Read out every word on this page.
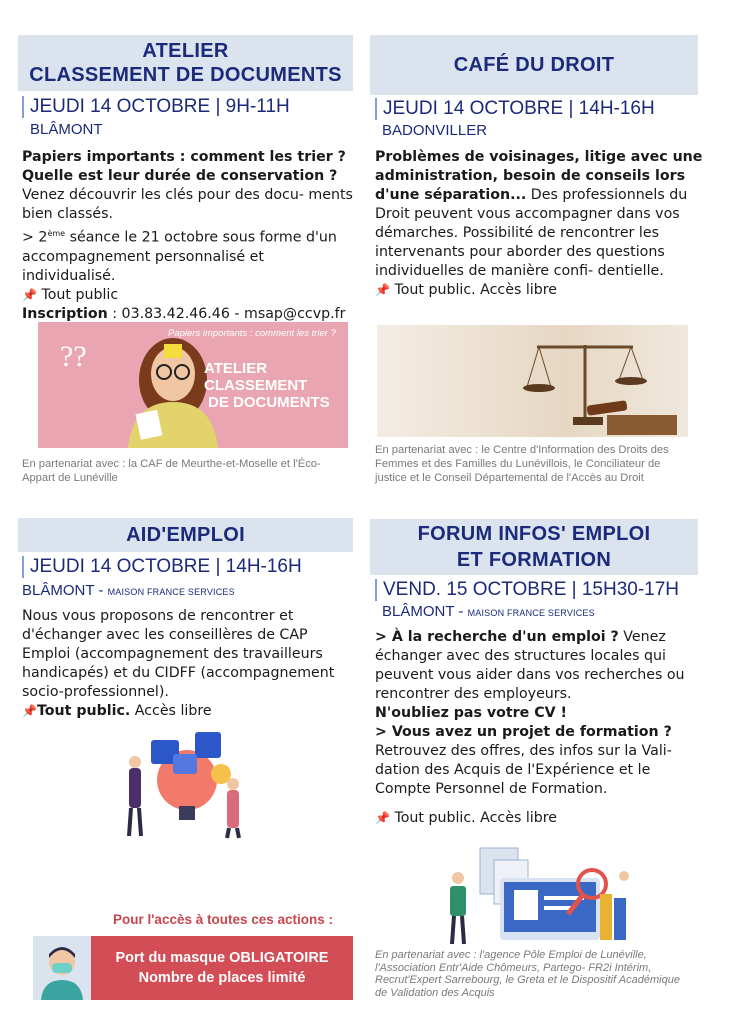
ATELIER
CLASSEMENT DE DOCUMENTS
JEUDI 14 OCTOBRE | 9H-11H
BLÂMONT

Papiers importants : comment les trier ?

Quelle est leur durée de conservation ?

Venez découvrir les clés pour des docu- ments bien classés.

> 2ème séance le 21 octobre sous forme d'un accompagnement personnalisé et individualisé.

📌 Tout public

Inscription : 03.83.42.46.46 - msap@ccvp.fr

Papiers importants : comment les trier ?
??	ATELIER CLASSEMENT
DE DOCUMENTS
En partenariat avec : la CAF de Meurthe-et-Moselle et l'Éco-Appart de Lunéville
AID'EMPLOI
JEUDI 14 OCTOBRE | 14H-16H
BLÂMONT - MAISON FRANCE SERVICES

Nous vous proposons de rencontrer et d'échanger avec les conseillères de CAP Emploi (accompagnement des travailleurs handicapés) et du CIDFF (accompagnement socio-professionnel).

📌Tout public. Accès libre

Pour l'accès à toutes ces actions :
Port du masque OBLIGATOIRE
Nombre de places limité
CAFÉ DU DROIT
JEUDI 14 OCTOBRE | 14H-16H
BADONVILLER

Problèmes de voisinages, litige avec une administration, besoin de conseils lors d'une séparation... Des professionnels du Droit peuvent vous accompagner dans vos démarches. Possibilité de rencontrer les intervenants pour aborder des questions individuelles de manière confi- dentielle.

📌 Tout public. Accès libre

En partenariat avec : le Centre d'Information des Droits des Femmes et des Familles du Lunévillois, le Conciliateur de justice et le Conseil Départemental de l'Accès au Droit
FORUM INFOS' EMPLOI
ET FORMATION
VEND. 15 OCTOBRE | 15H30-17H
BLÂMONT - MAISON FRANCE SERVICES

> À la recherche d'un emploi ? Venez échanger avec des structures locales qui peuvent vous aider dans vos recherches ou rencontrer des employeurs.

N'oubliez pas votre CV !

> Vous avez un projet de formation ? Retrouvez des offres, des infos sur la Vali- dation des Acquis de l'Expérience et le Compte Personnel de Formation.

📌 Tout public. Accès libre

En partenariat avec : l'agence Pôle Emploi de Lunéville, l'Association Entr'Aide Chômeurs, Partego- FR2i Intérim, Recrut'Expert Sarrebourg, le Greta et le Dispositif Académique de Validation des Acquis
